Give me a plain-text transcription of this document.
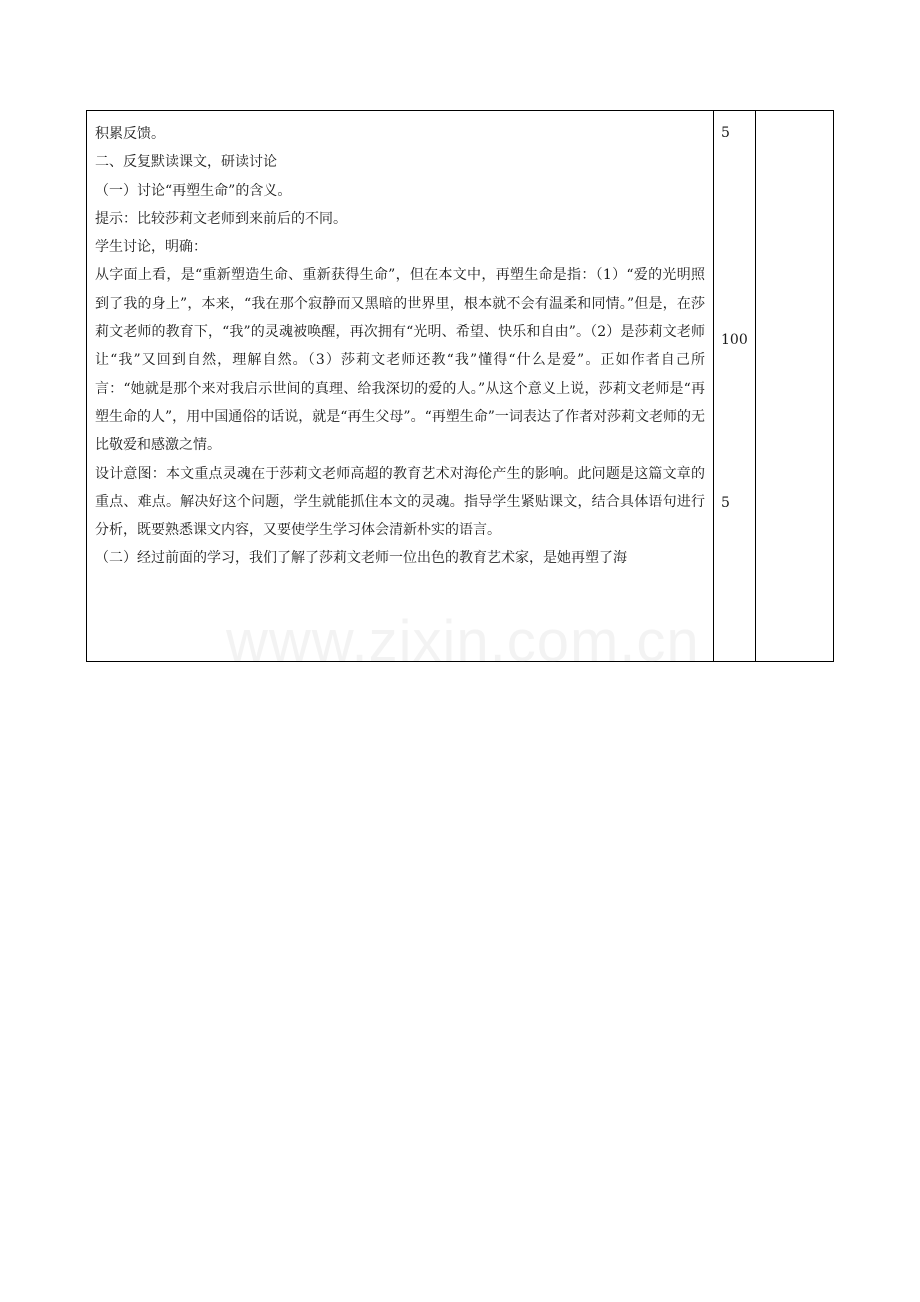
积累反馈。

二、反复默读课文，研读讨论

（一）讨论“再塑生命”的含义。

提示：比较莎莉文老师到来前后的不同。

学生讨论，明确：

从字面上看，是“重新塑造生命、重新获得生命”，但在本文中，再塑生命是指：（1）“爱的光明照到了我的身上”，本来，“我在那个寂静而又黑暗的世界里，根本就不会有温柔和同情。”但是，在莎莉文老师的教育下，“我”的灵魂被唤醒，再次拥有“光明、希望、快乐和自由”。（2）是莎莉文老师让“我”又回到自然，理解自然。（3）莎莉文老师还教“我”懂得“什么是爱”。正如作者自己所言：“她就是那个来对我启示世间的真理、给我深切的爱的人。”从这个意义上说，莎莉文老师是“再塑生命的人”，用中国通俗的话说，就是“再生父母”。“再塑生命”一词表达了作者对莎莉文老师的无比敬爱和感激之情。

设计意图：本文重点灵魂在于莎莉文老师高超的教育艺术对海伦产生的影响。此问题是这篇文章的重点、难点。解决好这个问题，学生就能抓住本文的灵魂。指导学生紧贴课文，结合具体语句进行分析，既要熟悉课文内容，又要使学生学习体会清新朴实的语言。

（二）经过前面的学习，我们了解了莎莉文老师一位出色的教育艺术家，是她再塑了海

5
100
5
www.zixin.com.cn
